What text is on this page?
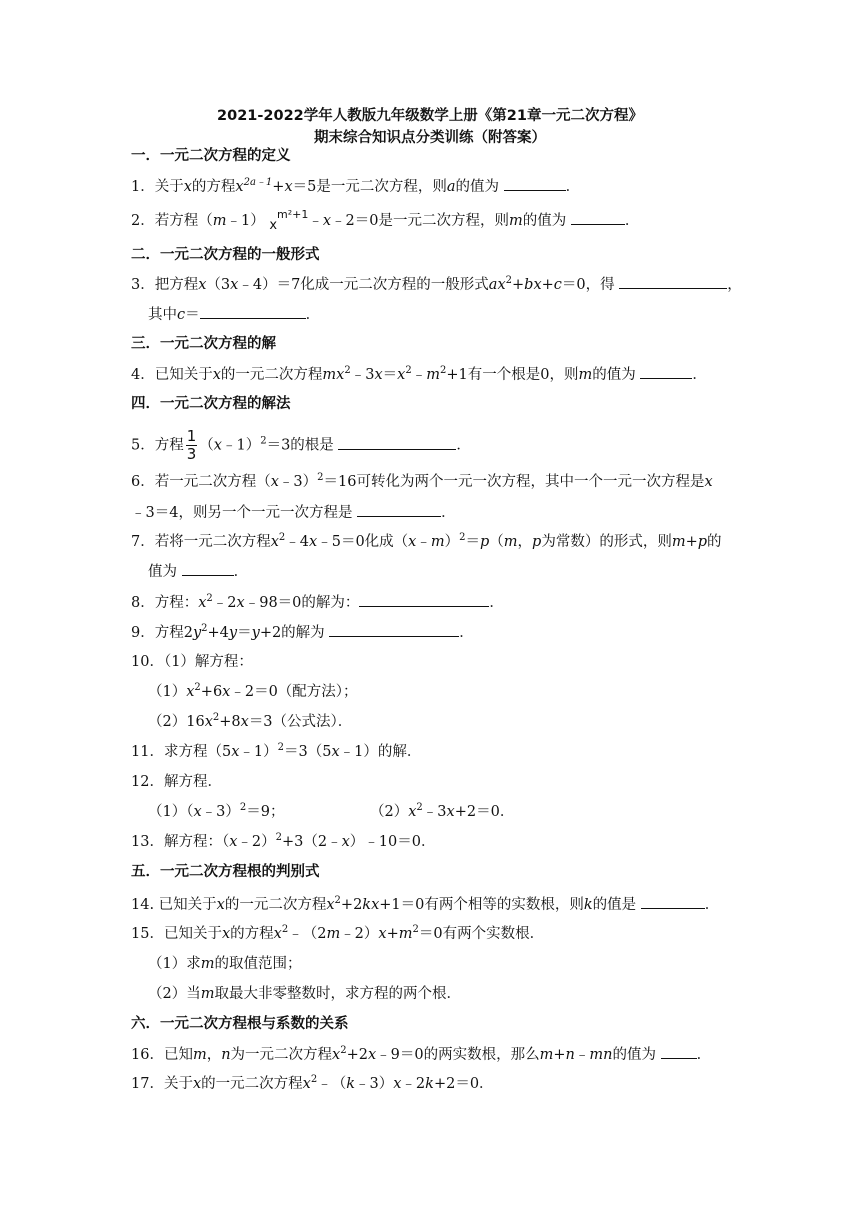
2021-2022学年人教版九年级数学上册《第21章一元二次方程》
期末综合知识点分类训练（附答案）
一．一元二次方程的定义
1．关于x的方程$x^{2a﹣1}+x=5$是一元二次方程，则a的值为	．
2．若方程（m﹣1） $x^{m^2+1}﹣x﹣2=0$是一元二次方程，则m的值为	．
二．一元二次方程的一般形式
3．把方程x（3x﹣4）＝7化成一元二次方程的一般形式$ax^2+bx+c=0$，得	，
其中c＝	．
三．一元二次方程的解
4．已知关于x的一元二次方程$mx^2﹣3x=x^2﹣m^2+1$有一个根是0，则m的值为	．
四．一元二次方程的解法
5．方程 $\frac{1}{3}$ （x﹣1）$^2$＝3的根是	．
6．若一元二次方程（x﹣3）$^2$＝16可转化为两个一元一次方程，其中一个一元一次方程是x
﹣3＝4，则另一个一元一次方程是	．
7．若将一元二次方程$x^2﹣4x﹣5=0$化成（x﹣m）$^2$＝p（m，p为常数）的形式，则m+p的
值为	．
8．方程：$x^2﹣2x﹣98=0$的解为：	．
9．方程$2y^2+4y=y+2$的解为	．
10．（1）解方程：
$(1)x^2+6x﹣2=0$（配方法）；
$(2)16x^2+8x=3$（公式法）．
11．求方程（5x﹣1）$^2$＝3（5x﹣1）的解．
12．解方程．
（1）（x﹣3）$^2$＝9；	$(2)x^2﹣3x+2=0$．
13．解方程：（x﹣2）$^2$+3（2﹣x）﹣10＝0．
五．一元二次方程根的判别式
14. 已知关于x的一元二次方程$x^2+2kx+1=0$有两个相等的实数根，则k的值是	．
15．已知关于x的方程$x^2﹣(2m﹣2)x+m^2=0$有两个实数根．
（1）求m的取值范围；
（2）当m取最大非零整数时，求方程的两个根．
六．一元二次方程根与系数的关系
16．已知m，n为一元二次方程$x^2+2x﹣9=0$的两实数根，那么m+n﹣mn的值为	．
17．关于x的一元二次方程$x^2﹣(k﹣3)x﹣2k+2=0$．
